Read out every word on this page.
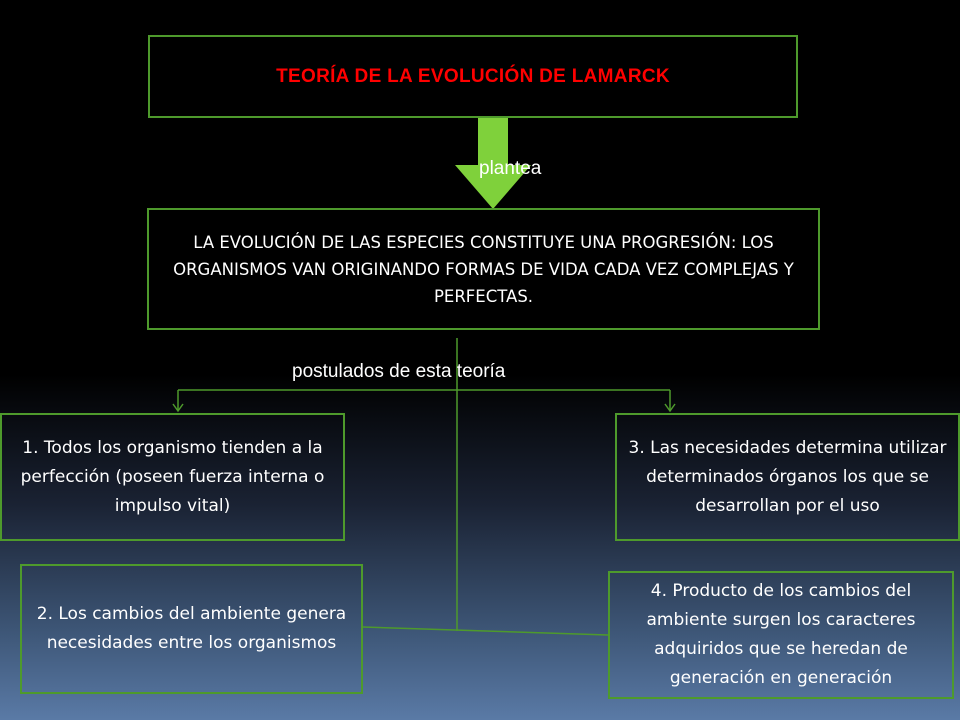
TEORÍA DE LA EVOLUCIÓN DE LAMARCK
plantea
LA EVOLUCIÓN DE LAS ESPECIES CONSTITUYE UNA PROGRESIÓN: LOS ORGANISMOS VAN ORIGINANDO FORMAS DE VIDA CADA VEZ COMPLEJAS Y PERFECTAS.
postulados de esta teoría
1. Todos los organismo tienden a la perfección (poseen fuerza interna o impulso vital)
3. Las necesidades determina utilizar determinados órganos los que se desarrollan por el uso
2. Los cambios del ambiente genera necesidades entre los organismos
4. Producto de los cambios del ambiente surgen los caracteres adquiridos que se heredan de generación en generación
